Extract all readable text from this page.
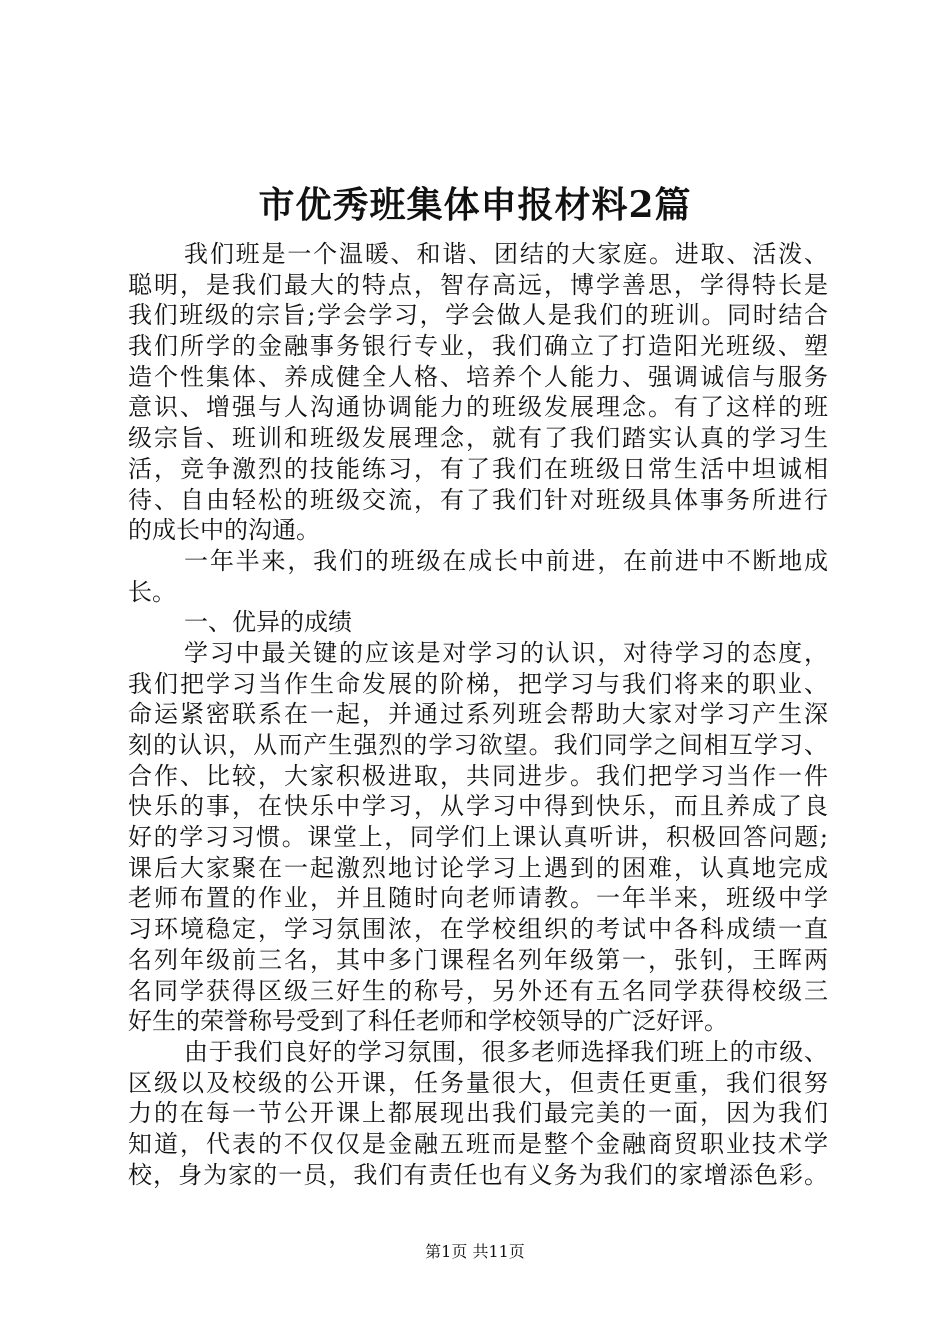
市优秀班集体申报材料2篇
我们班是一个温暖、和谐、团结的大家庭。进取、活泼、
聪明，是我们最大的特点，智存高远，博学善思，学得特长是
我们班级的宗旨;学会学习，学会做人是我们的班训。同时结合
我们所学的金融事务银行专业，我们确立了打造阳光班级、塑
造个性集体、养成健全人格、培养个人能力、强调诚信与服务
意识、增强与人沟通协调能力的班级发展理念。有了这样的班
级宗旨、班训和班级发展理念，就有了我们踏实认真的学习生
活，竞争激烈的技能练习，有了我们在班级日常生活中坦诚相
待、自由轻松的班级交流，有了我们针对班级具体事务所进行
的成长中的沟通。
一年半来，我们的班级在成长中前进，在前进中不断地成
长。
一、优异的成绩
学习中最关键的应该是对学习的认识，对待学习的态度，
我们把学习当作生命发展的阶梯，把学习与我们将来的职业、
命运紧密联系在一起，并通过系列班会帮助大家对学习产生深
刻的认识，从而产生强烈的学习欲望。我们同学之间相互学习、
合作、比较，大家积极进取，共同进步。我们把学习当作一件
快乐的事，在快乐中学习，从学习中得到快乐，而且养成了良
好的学习习惯。课堂上，同学们上课认真听讲，积极回答问题;
课后大家聚在一起激烈地讨论学习上遇到的困难，认真地完成
老师布置的作业，并且随时向老师请教。一年半来，班级中学
习环境稳定，学习氛围浓，在学校组织的考试中各科成绩一直
名列年级前三名，其中多门课程名列年级第一，张钊，王晖两
名同学获得区级三好生的称号，另外还有五名同学获得校级三
好生的荣誉称号受到了科任老师和学校领导的广泛好评。
由于我们良好的学习氛围，很多老师选择我们班上的市级、
区级以及校级的公开课，任务量很大，但责任更重，我们很努
力的在每一节公开课上都展现出我们最完美的一面，因为我们
知道，代表的不仅仅是金融五班而是整个金融商贸职业技术学
校，身为家的一员，我们有责任也有义务为我们的家增添色彩。
第1页 共11页
